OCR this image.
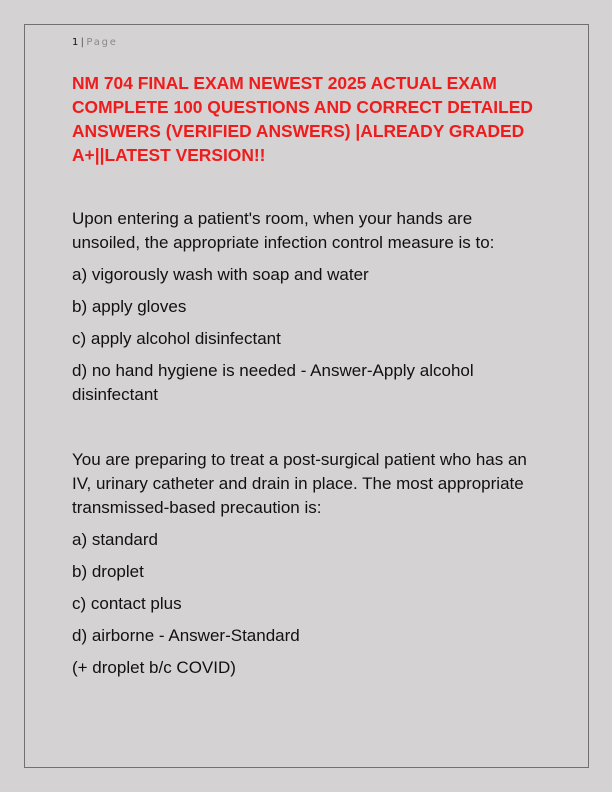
1 | Page
NM 704 FINAL EXAM NEWEST 2025 ACTUAL EXAM COMPLETE 100 QUESTIONS AND CORRECT DETAILED ANSWERS (VERIFIED ANSWERS) |ALREADY GRADED A+||LATEST VERSION!!

Upon entering a patient's room, when your hands are unsoiled, the appropriate infection control measure is to:

a) vigorously wash with soap and water
b) apply gloves
c) apply alcohol disinfectant
d) no hand hygiene is needed - Answer-Apply alcohol disinfectant

You are preparing to treat a post-surgical patient who has an IV, urinary catheter and drain in place. The most appropriate transmissed-based precaution is:

a) standard
b) droplet
c) contact plus
d) airborne - Answer-Standard
(+ droplet b/c COVID)
